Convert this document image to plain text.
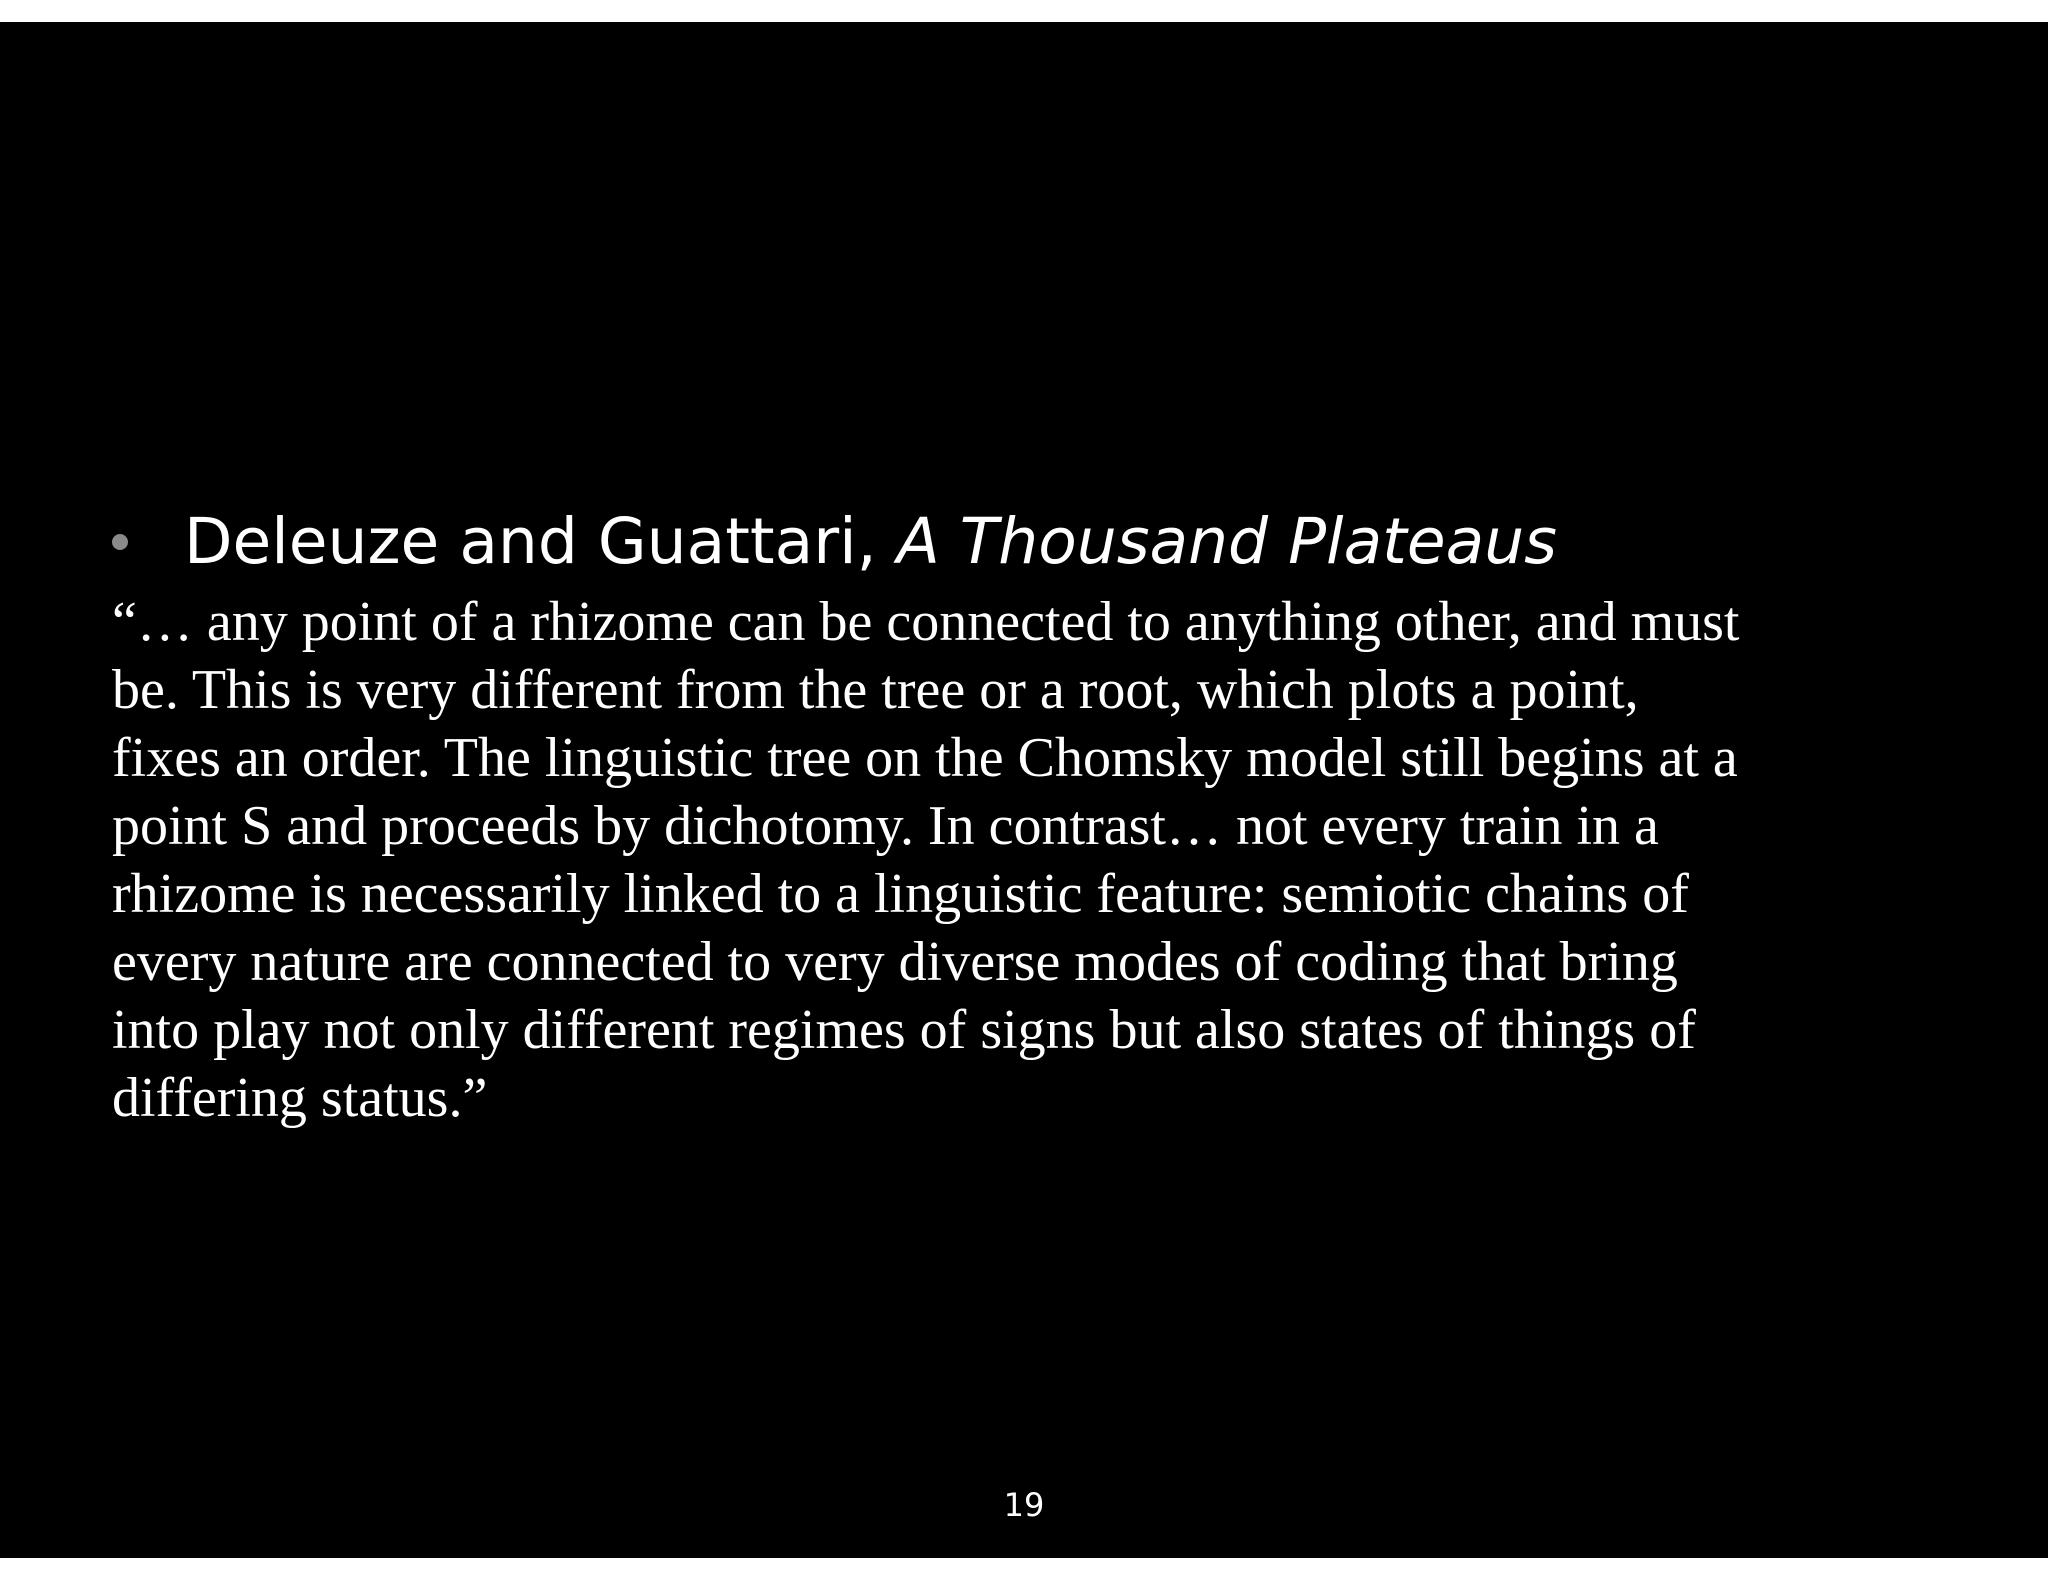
Deleuze and Guattari, A Thousand Plateaus
“… any point of a rhizome can be connected to anything other, and must
be. This is very different from the tree or a root, which plots a point,
fixes an order. The linguistic tree on the Chomsky model still begins at a
point S and proceeds by dichotomy. In contrast… not every train in a
rhizome is necessarily linked to a linguistic feature: semiotic chains of
every nature are connected to very diverse modes of coding that bring
into play not only different regimes of signs but also states of things of
differing status.”
19
